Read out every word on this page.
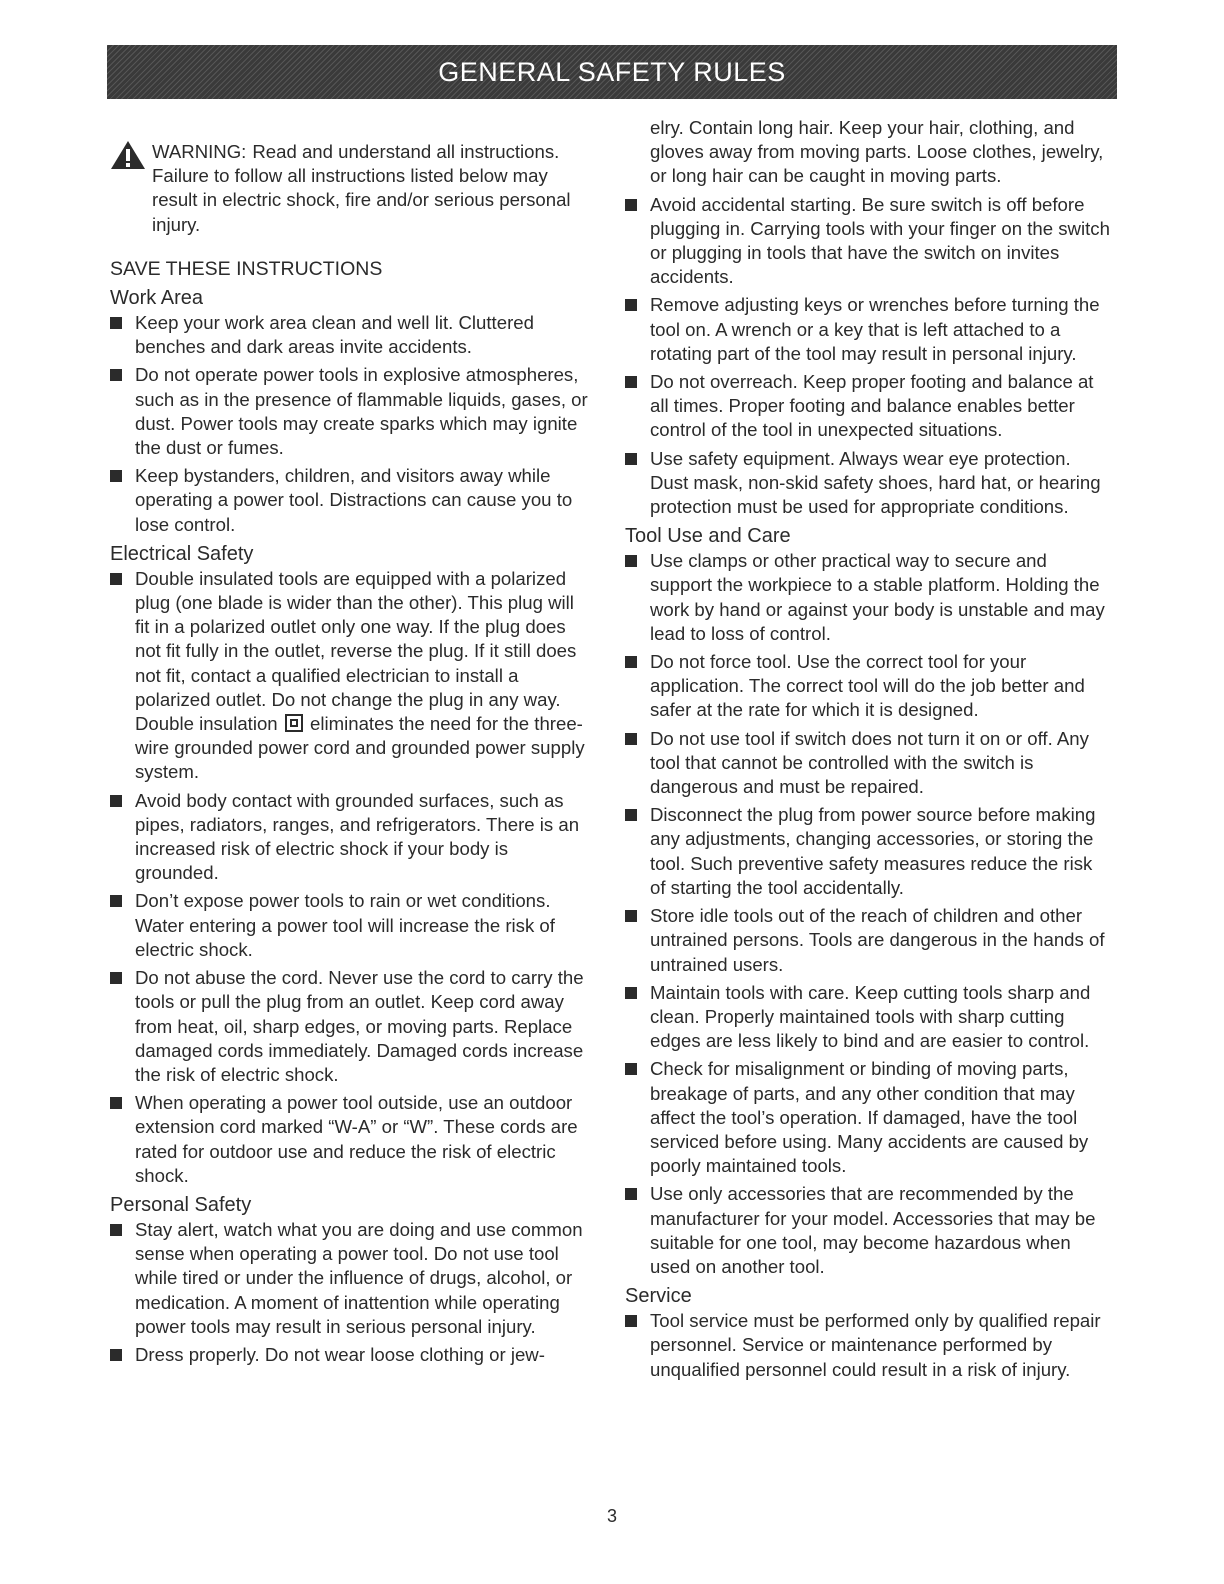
GENERAL SAFETY RULES
WARNING: Read and understand all instructions. Failure to follow all instructions listed below may result in electric shock, fire and/or serious personal injury.
SAVE THESE INSTRUCTIONS
Work Area
Keep your work area clean and well lit. Cluttered benches and dark areas invite accidents.
Do not operate power tools in explosive atmospheres, such as in the presence of flammable liquids, gases, or dust. Power tools may create sparks which may ignite the dust or fumes.
Keep bystanders, children, and visitors away while operating a power tool. Distractions can cause you to lose control.
Electrical Safety
Double insulated tools are equipped with a polarized plug (one blade is wider than the other). This plug will fit in a polarized outlet only one way. If the plug does not fit fully in the outlet, reverse the plug. If it still does not fit, contact a qualified electrician to install a polarized outlet. Do not change the plug in any way. Double insulation eliminates the need for the three-wire grounded power cord and grounded power supply system.
Avoid body contact with grounded surfaces, such as pipes, radiators, ranges, and refrigerators. There is an increased risk of electric shock if your body is grounded.
Don’t expose power tools to rain or wet conditions. Water entering a power tool will increase the risk of electric shock.
Do not abuse the cord. Never use the cord to carry the tools or pull the plug from an outlet. Keep cord away from heat, oil, sharp edges, or moving parts. Replace damaged cords immediately. Damaged cords increase the risk of electric shock.
When operating a power tool outside, use an outdoor extension cord marked “W-A” or “W”. These cords are rated for outdoor use and reduce the risk of electric shock.
Personal Safety
Stay alert, watch what you are doing and use common sense when operating a power tool. Do not use tool while tired or under the influence of drugs, alcohol, or medication. A moment of inattention while operating power tools may result in serious personal injury.
Dress properly. Do not wear loose clothing or jew-
elry. Contain long hair. Keep your hair, clothing, and gloves away from moving parts. Loose clothes, jewelry, or long hair can be caught in moving parts.
Avoid accidental starting. Be sure switch is off before plugging in. Carrying tools with your finger on the switch or plugging in tools that have the switch on invites accidents.
Remove adjusting keys or wrenches before turning the tool on. A wrench or a key that is left attached to a rotating part of the tool may result in personal injury.
Do not overreach. Keep proper footing and balance at all times. Proper footing and balance enables better control of the tool in unexpected situations.
Use safety equipment. Always wear eye protection. Dust mask, non-skid safety shoes, hard hat, or hearing protection must be used for appropriate conditions.
Tool Use and Care
Use clamps or other practical way to secure and support the workpiece to a stable platform. Holding the work by hand or against your body is unstable and may lead to loss of control.
Do not force tool. Use the correct tool for your application. The correct tool will do the job better and safer at the rate for which it is designed.
Do not use tool if switch does not turn it on or off. Any tool that cannot be controlled with the switch is dangerous and must be repaired.
Disconnect the plug from power source before making any adjustments, changing accessories, or storing the tool. Such preventive safety measures reduce the risk of starting the tool accidentally.
Store idle tools out of the reach of children and other untrained persons. Tools are dangerous in the hands of untrained users.
Maintain tools with care. Keep cutting tools sharp and clean. Properly maintained tools with sharp cutting edges are less likely to bind and are easier to control.
Check for misalignment or binding of moving parts, breakage of parts, and any other condition that may affect the tool’s operation. If damaged, have the tool serviced before using. Many accidents are caused by poorly maintained tools.
Use only accessories that are recommended by the manufacturer for your model. Accessories that may be suitable for one tool, may become hazardous when used on another tool.
Service
Tool service must be performed only by qualified repair personnel. Service or maintenance performed by unqualified personnel could result in a risk of injury.
3
